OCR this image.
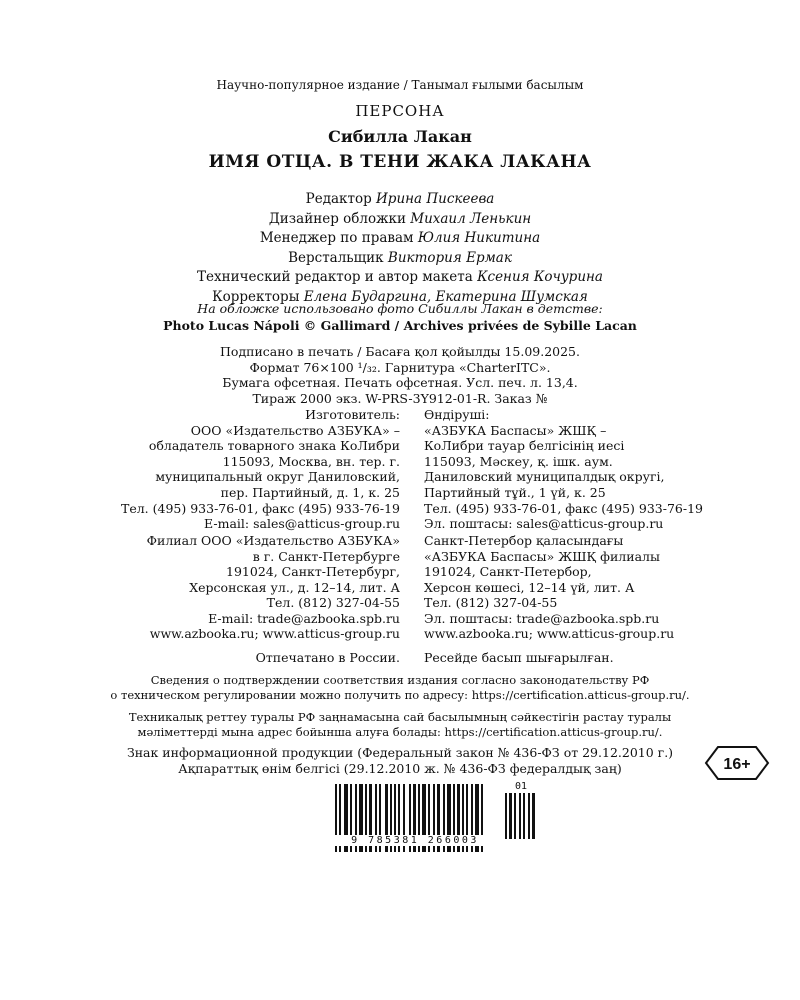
Научно-популярное издание / Танымал ғылыми басылым
ПЕРСОНА
Сибилла Лакан
ИМЯ ОТЦА. В ТЕНИ ЖАКА ЛАКАНА
Редактор Ирина Пискеева
Дизайнер обложки Михаил Ленькин
Менеджер по правам Юлия Никитина
Верстальщик Виктория Ермак
Технический редактор и автор макета Ксения Кочурина
Корректоры Елена Бударгина, Екатерина Шумская
На обложке использовано фото Сибиллы Лакан в детстве:
Photo Lucas Nápoli © Gallimard / Archives privées de Sybille Lacan
Подписано в печать / Басаға қол қойылды 15.09.2025.
Формат 76×100 ¹/₃₂. Гарнитура «CharterITC».
Бумага офсетная. Печать офсетная. Усл. печ. л. 13,4.
Тираж 2000 экз. W-PRS-3Y912-01-R. Заказ №
Изготовитель:
ООО «Издательство АЗБУКА» –
обладатель товарного знака КоЛибри
115093, Москва, вн. тер. г.
муниципальный округ Даниловский,
пер. Партийный, д. 1, к. 25
Тел. (495) 933-76-01, факс (495) 933-76-19
E-mail: sales@atticus-group.ru
Өндіруші:
«АЗБУКА Баспасы» ЖШҚ –
КоЛибри тауар белгісінің иесі
115093, Мәскеу, қ. ішк. аум.
Даниловский муниципалдық округі,
Партийный тұй., 1 үй, к. 25
Тел. (495) 933-76-01, факс (495) 933-76-19
Эл. поштасы: sales@atticus-group.ru
Филиал ООО «Издательство АЗБУКА»
в г. Санкт-Петербурге
191024, Санкт-Петербург,
Херсонская ул., д. 12–14, лит. А
Тел. (812) 327-04-55
E-mail: trade@azbooka.spb.ru
Санкт-Петербор қаласындағы
«АЗБУКА Баспасы» ЖШҚ филиалы
191024, Санкт-Петербор,
Херсон көшесі, 12–14 үй, лит. А
Тел. (812) 327-04-55
Эл. поштасы: trade@azbooka.spb.ru
www.azbooka.ru; www.atticus-group.ru www.azbooka.ru; www.atticus-group.ru
Отпечатано в России. Ресейде басып шығарылған.
Сведения о подтверждении соответствия издания согласно законодательству РФ
о техническом регулировании можно получить по адресу: https://certification.atticus-group.ru/.
Техникалық реттеу туралы РФ заңнамасына сай басылымның сәйкестігін растау туралы
мәліметтерді мына адрес бойынша алуға болады: https://certification.atticus-group.ru/.
Знак информационной продукции (Федеральный закон № 436-ФЗ от 29.12.2010 г.)
Ақпараттық өнім белгісі (29.12.2010 ж. № 436-ФЗ федералдық заң)	16+
9 785381 266003
01
